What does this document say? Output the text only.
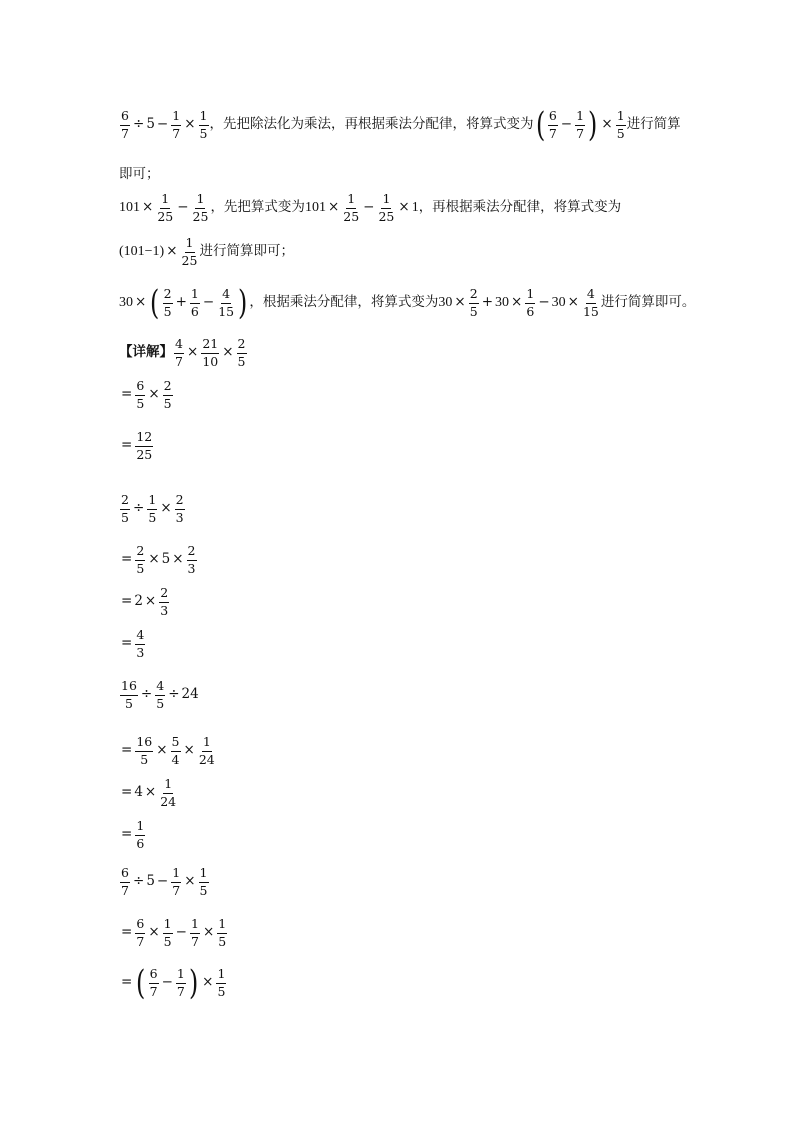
$\frac{6}{7} \div 5 - \frac{1}{7} \times \frac{1}{5}$ ，先把除法化为乘法，再根据乘法分配律，将算式变为 ( $\frac{6}{7} - \frac{1}{7}$ ) × $\frac{1}{5}$ 进行简算
即可；
$101 \times \frac{1}{25} - \frac{1}{25}$ ，先把算式变为 $101 \times \frac{1}{25} - \frac{1}{25} \times 1$ ，再根据乘法分配律，将算式变为
$(101-1) \times \frac{1}{25}$ 进行简算即可；
30 × ( $\frac{2}{5} + \frac{1}{6} - \frac{4}{15}$ ) ，根据乘法分配律，将算式变为 $30 \times \frac{2}{5} + 30 \times \frac{1}{6} - 30 \times \frac{4}{15}$ 进行简算即可。
【详解】 $\frac{4}{7} \times \frac{21}{10} \times \frac{2}{5}$
= $\frac{6}{5} \times \frac{2}{5}$
= $\frac{12}{25}$
$\frac{2}{5} \div \frac{1}{5} \times \frac{2}{3}$
= $\frac{2}{5} \times 5 \times \frac{2}{3}$
= $2 \times \frac{2}{3}$
= $\frac{4}{3}$
$\frac{16}{5} \div \frac{4}{5} \div 24$
= $\frac{16}{5} \times \frac{5}{4} \times \frac{1}{24}$
= $4 \times \frac{1}{24}$
= $\frac{1}{6}$
$\frac{6}{7} \div 5 - \frac{1}{7} \times \frac{1}{5}$
= $\frac{6}{7} \times \frac{1}{5} - \frac{1}{7} \times \frac{1}{5}$
= ( $\frac{6}{7} - \frac{1}{7}$ ) × $\frac{1}{5}$
